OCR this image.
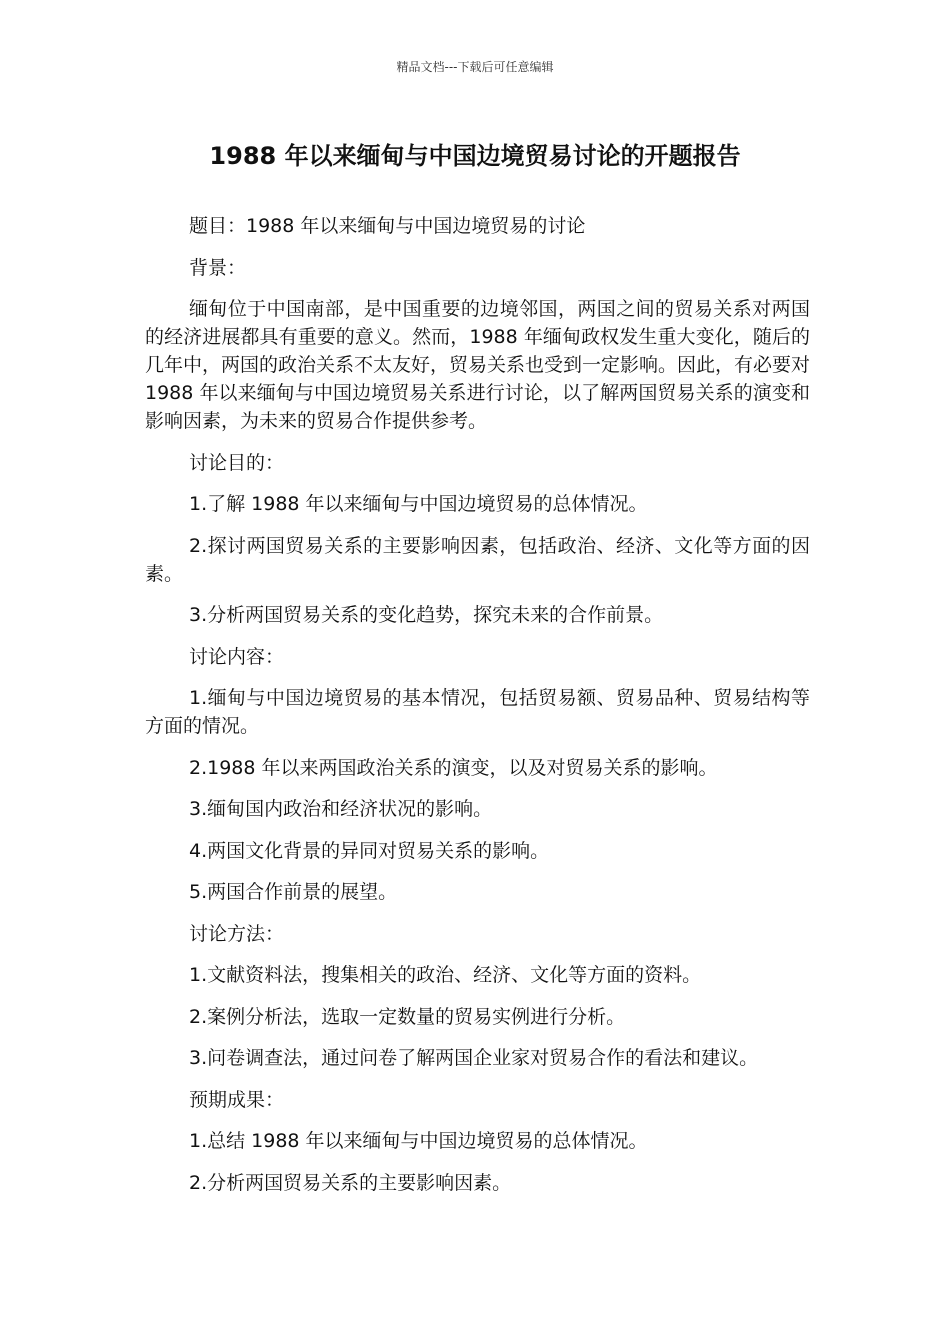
精品文档---下载后可任意编辑
1988 年以来缅甸与中国边境贸易讨论的开题报告

题目：1988 年以来缅甸与中国边境贸易的讨论

背景：

缅甸位于中国南部，是中国重要的边境邻国，两国之间的贸易关系对两国的经济进展都具有重要的意义。然而，1988 年缅甸政权发生重大变化，随后的几年中，两国的政治关系不太友好，贸易关系也受到一定影响。因此，有必要对 1988 年以来缅甸与中国边境贸易关系进行讨论，以了解两国贸易关系的演变和影响因素，为未来的贸易合作提供参考。

讨论目的：

1.了解 1988 年以来缅甸与中国边境贸易的总体情况。

2.探讨两国贸易关系的主要影响因素，包括政治、经济、文化等方面的因素。

3.分析两国贸易关系的变化趋势，探究未来的合作前景。

讨论内容：

1.缅甸与中国边境贸易的基本情况，包括贸易额、贸易品种、贸易结构等方面的情况。

2.1988 年以来两国政治关系的演变，以及对贸易关系的影响。

3.缅甸国内政治和经济状况的影响。

4.两国文化背景的异同对贸易关系的影响。

5.两国合作前景的展望。

讨论方法：

1.文献资料法，搜集相关的政治、经济、文化等方面的资料。

2.案例分析法，选取一定数量的贸易实例进行分析。

3.问卷调查法，通过问卷了解两国企业家对贸易合作的看法和建议。

预期成果：

1.总结 1988 年以来缅甸与中国边境贸易的总体情况。

2.分析两国贸易关系的主要影响因素。
